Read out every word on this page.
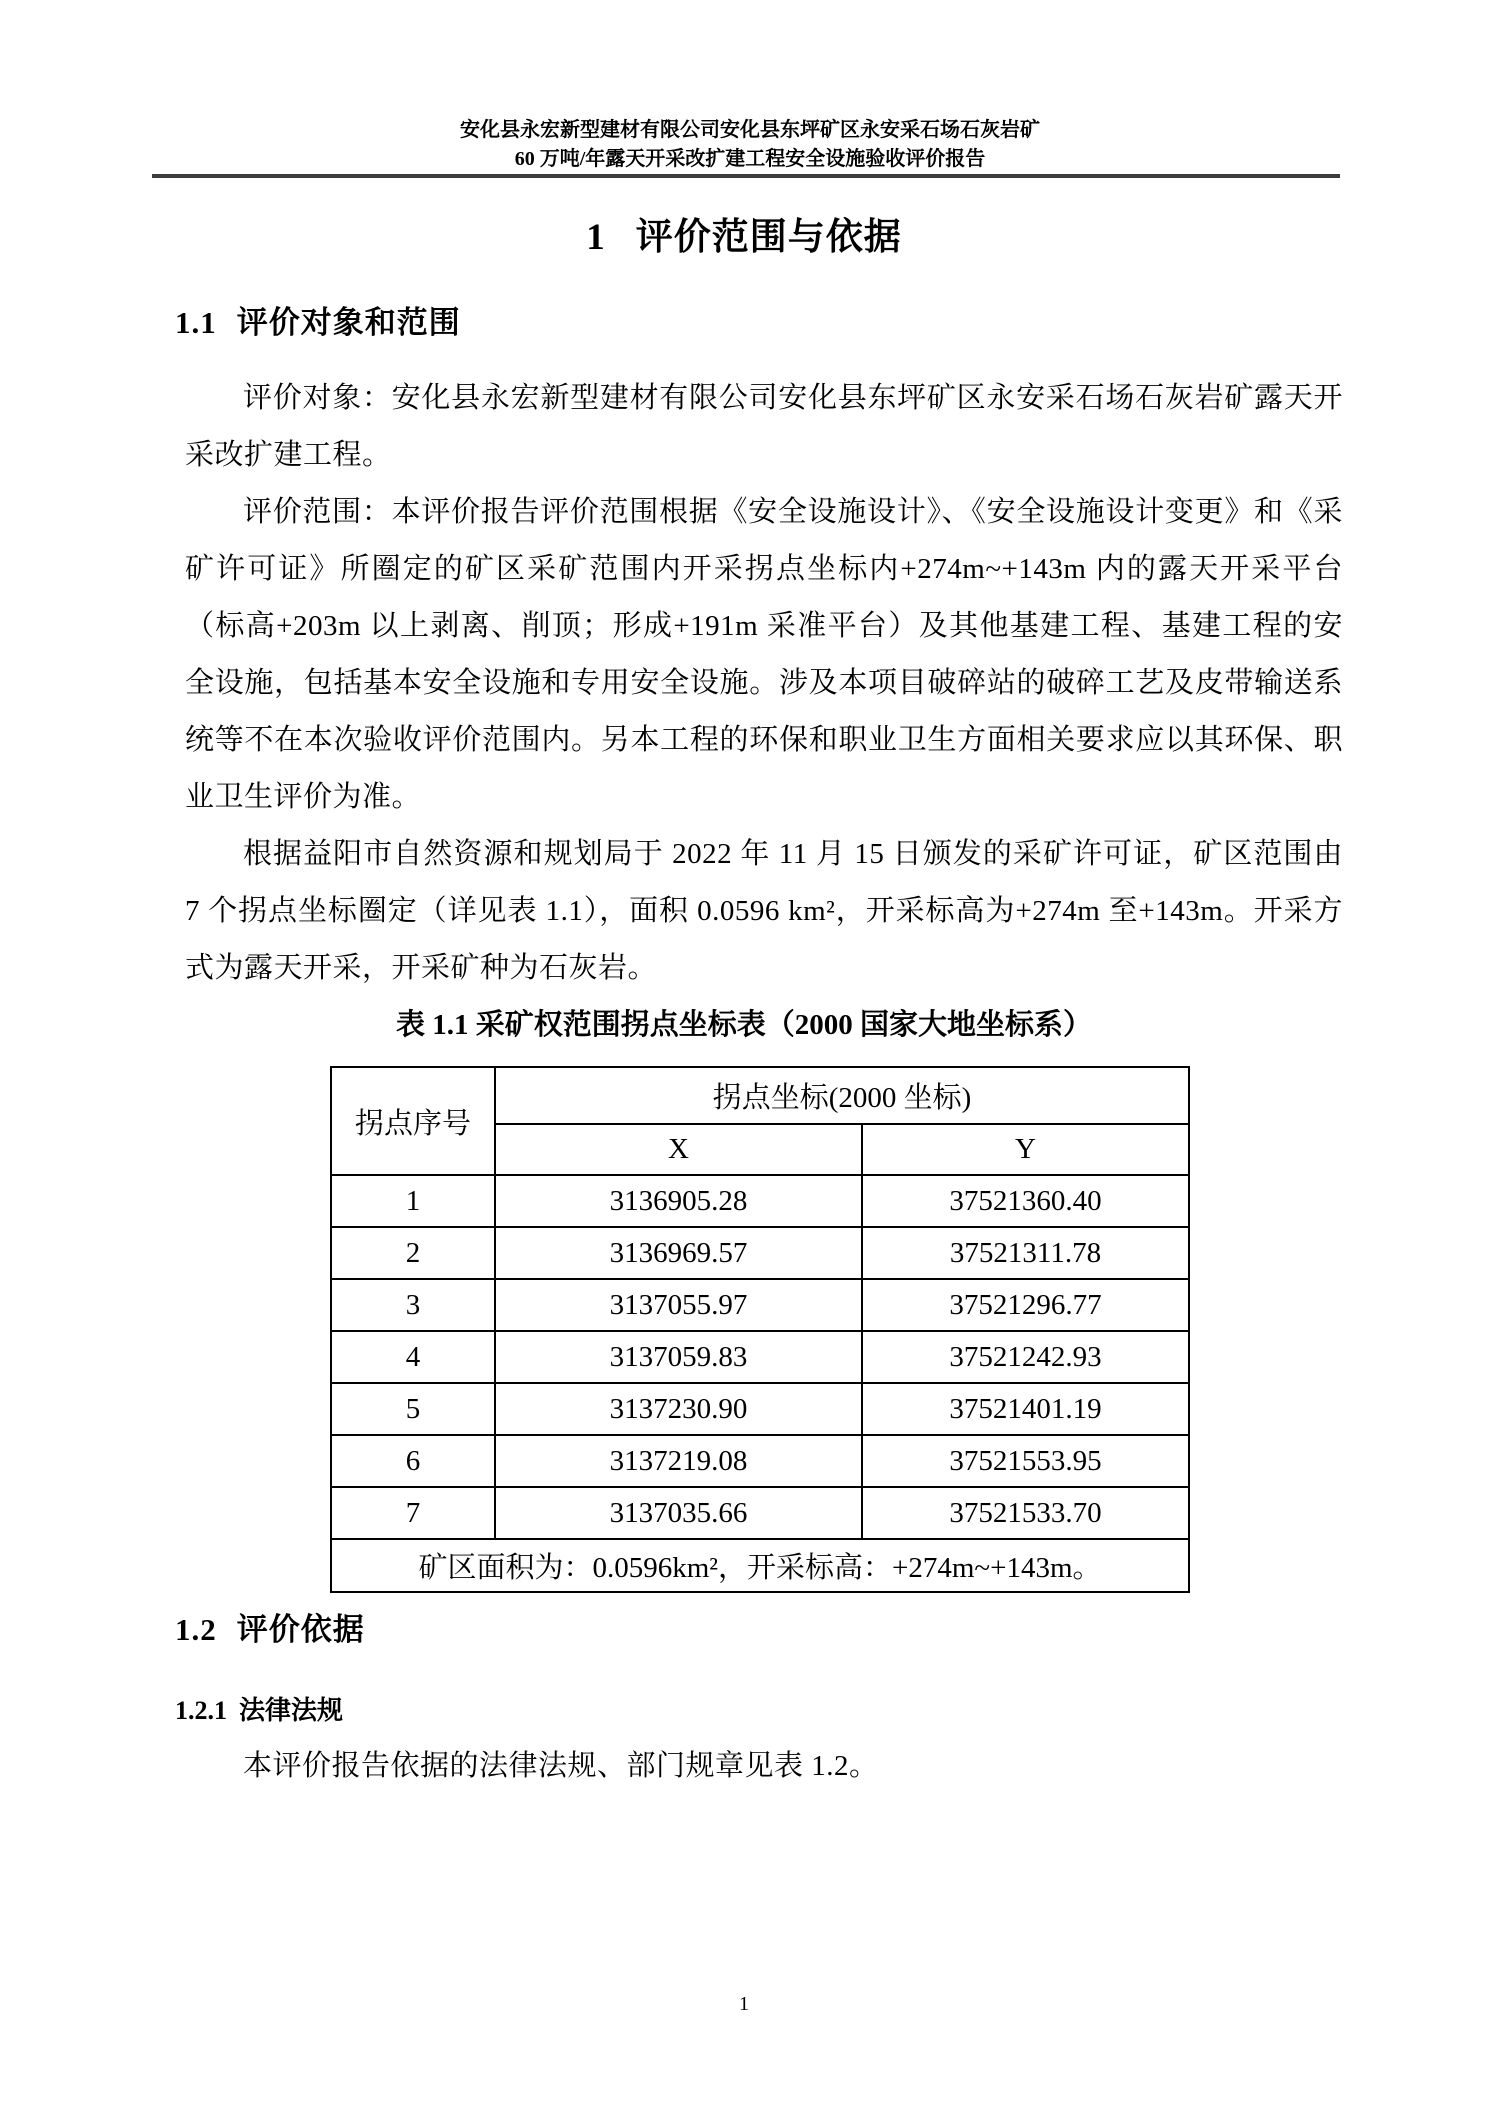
安化县永宏新型建材有限公司安化县东坪矿区永安采石场石灰岩矿
60 万吨/年露天开采改扩建工程安全设施验收评价报告
1 评价范围与依据
1.1 评价对象和范围

评价对象：安化县永宏新型建材有限公司安化县东坪矿区永安采石场石灰岩矿露天开采改扩建工程。

评价范围：本评价报告评价范围根据《安全设施设计》、《安全设施设计变更》和《采矿许可证》所圈定的矿区采矿范围内开采拐点坐标内+274m~+143m 内的露天开采平台（标高+203m 以上剥离、削顶；形成+191m 采准平台）及其他基建工程、基建工程的安全设施，包括基本安全设施和专用安全设施。涉及本项目破碎站的破碎工艺及皮带输送系统等不在本次验收评价范围内。另本工程的环保和职业卫生方面相关要求应以其环保、职业卫生评价为准。

根据益阳市自然资源和规划局于 2022 年 11 月 15 日颁发的采矿许可证，矿区范围由 7 个拐点坐标圈定（详见表 1.1），面积 0.0596 km²，开采标高为+274m 至+143m。开采方式为露天开采，开采矿种为石灰岩。

表 1.1 采矿权范围拐点坐标表（2000 国家大地坐标系）
拐点序号	拐点坐标(2000 坐标)	
	X	Y
1	3136905.28	37521360.40
2	3136969.57	37521311.78
3	3137055.97	37521296.77
4	3137059.83	37521242.93
5	3137230.90	37521401.19
6	3137219.08	37521553.95
7	3137035.66	37521533.70
矿区面积为：0.0596km²，开采标高：+274m~+143m。		
1.2 评价依据
1.2.1 法律法规

本评价报告依据的法律法规、部门规章见表 1.2。

1
